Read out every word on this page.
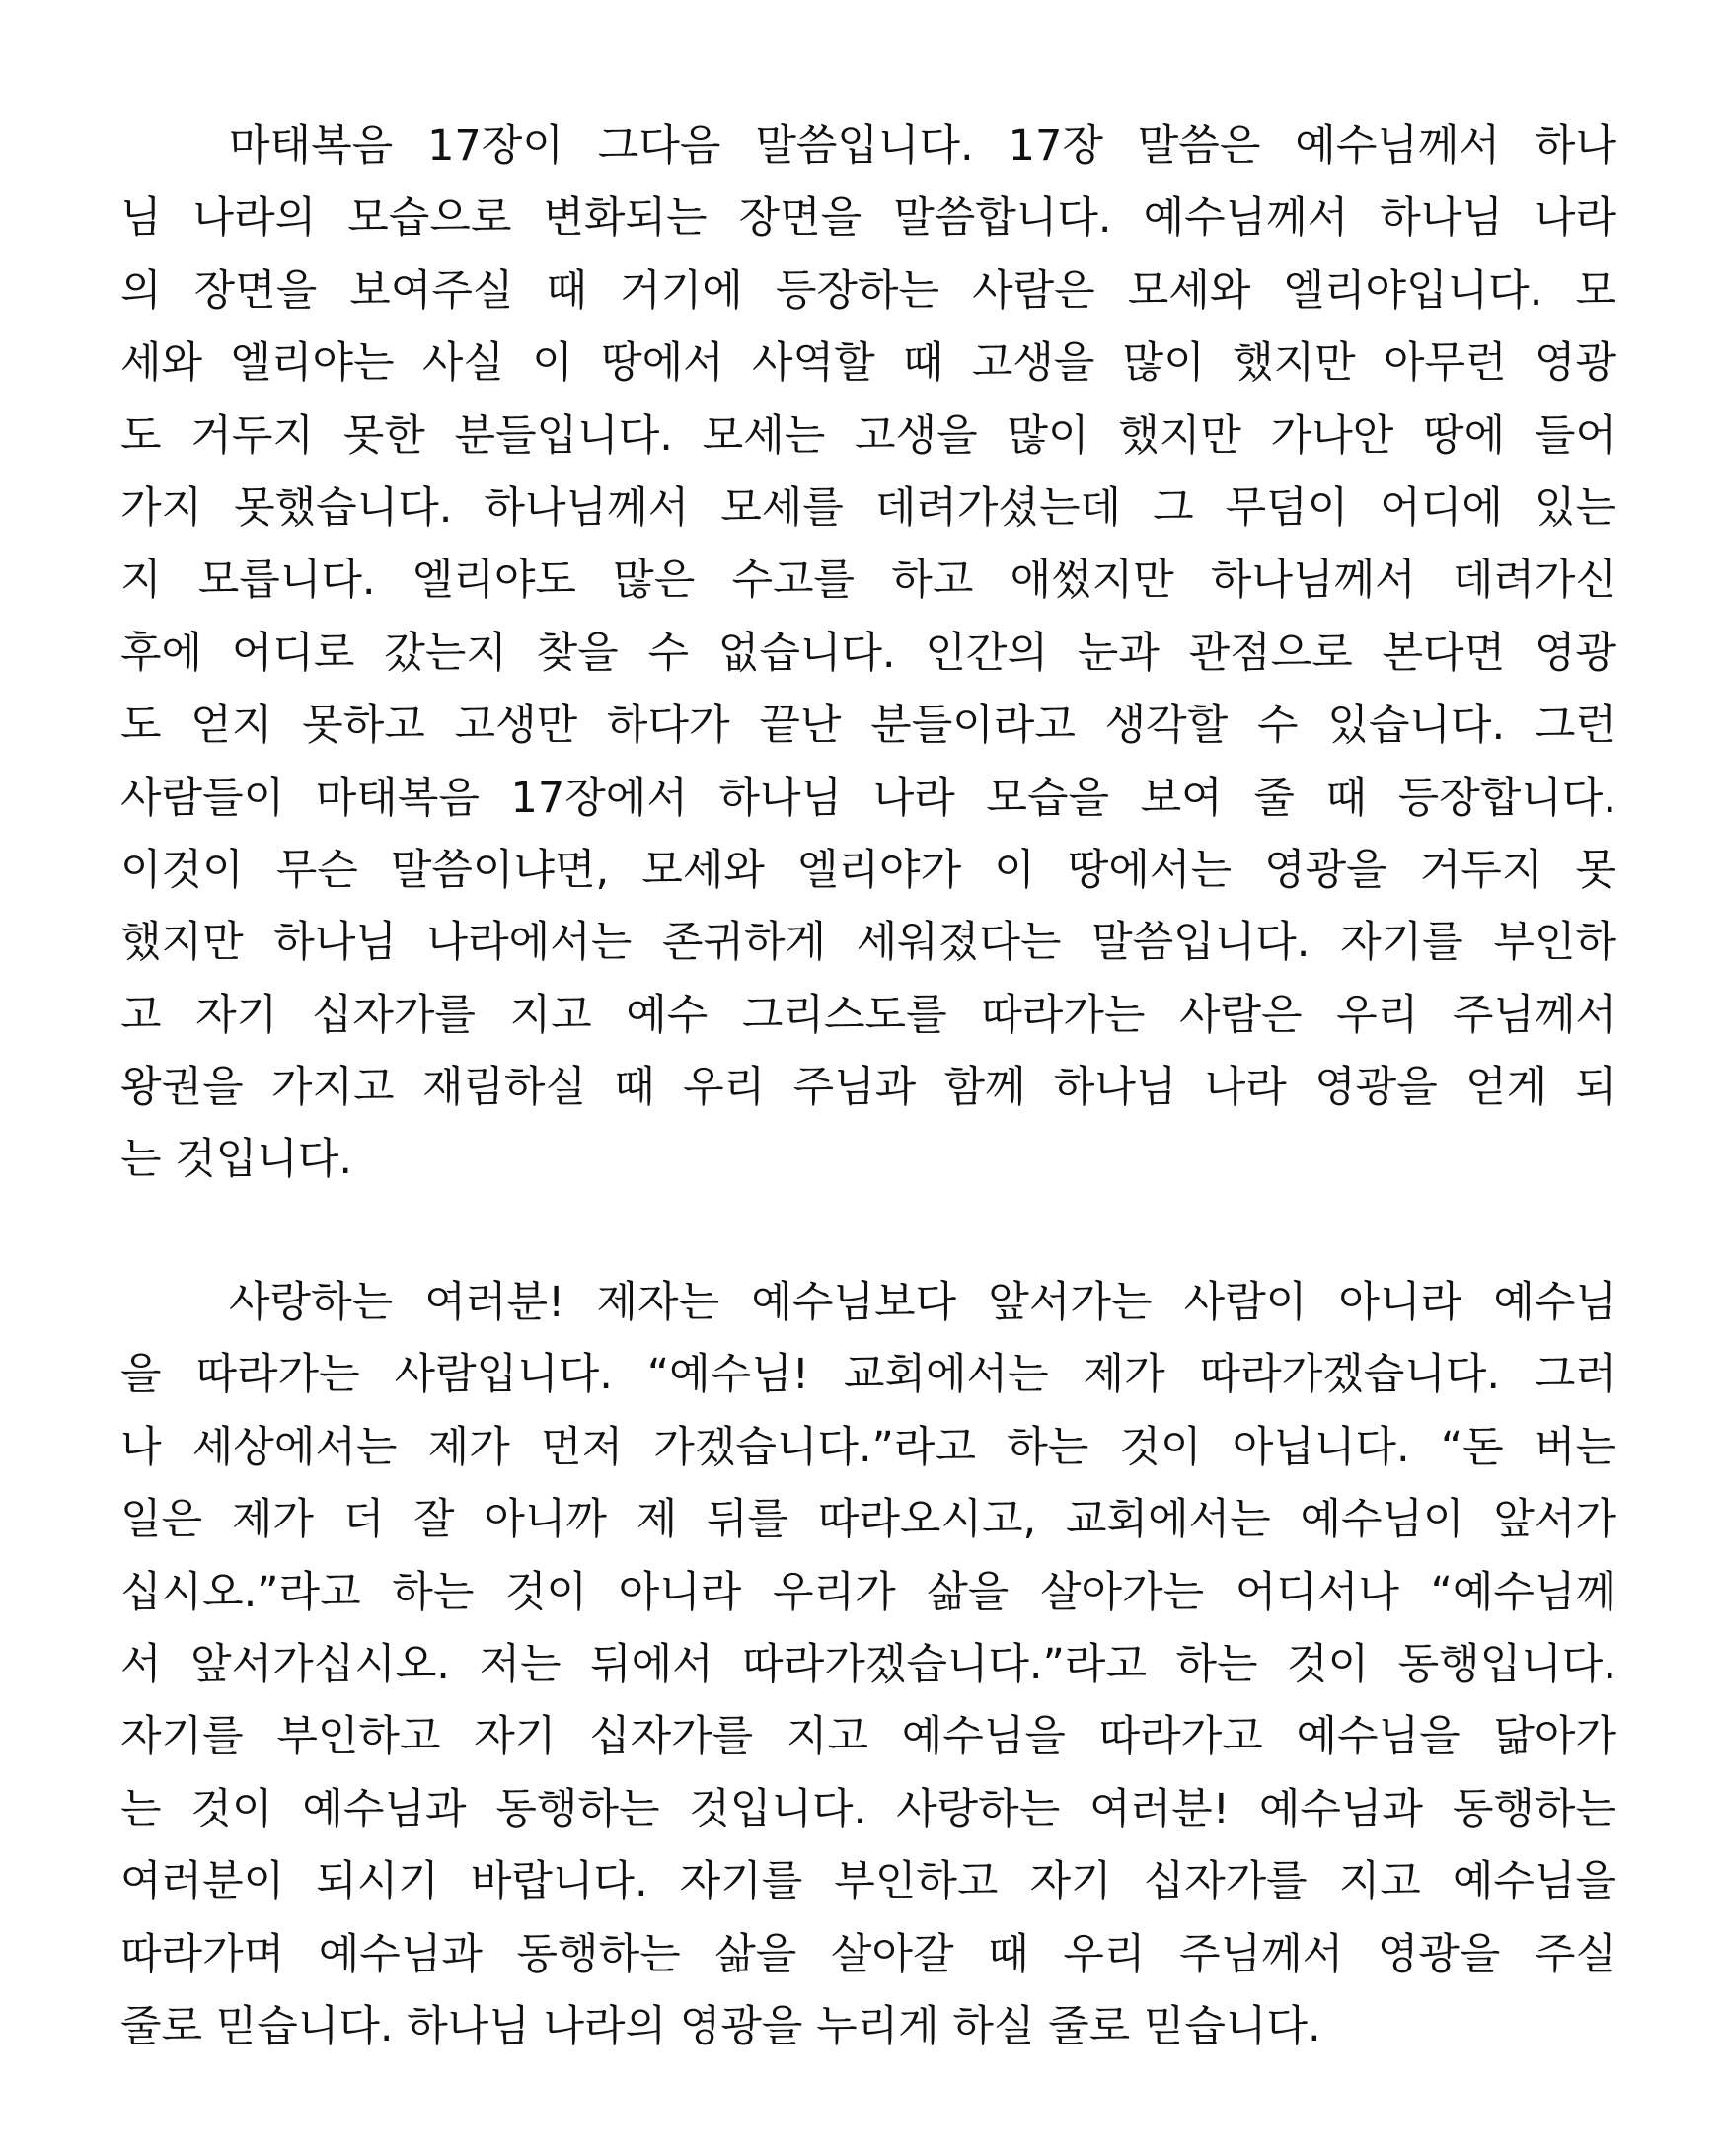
마태복음 17장이 그다음 말씀입니다. 17장 말씀은 예수님께서 하나
님 나라의 모습으로 변화되는 장면을 말씀합니다. 예수님께서 하나님 나라
의 장면을 보여주실 때 거기에 등장하는 사람은 모세와 엘리야입니다. 모
세와 엘리야는 사실 이 땅에서 사역할 때 고생을 많이 했지만 아무런 영광
도 거두지 못한 분들입니다. 모세는 고생을 많이 했지만 가나안 땅에 들어
가지 못했습니다. 하나님께서 모세를 데려가셨는데 그 무덤이 어디에 있는
지 모릅니다. 엘리야도 많은 수고를 하고 애썼지만 하나님께서 데려가신
후에 어디로 갔는지 찾을 수 없습니다. 인간의 눈과 관점으로 본다면 영광
도 얻지 못하고 고생만 하다가 끝난 분들이라고 생각할 수 있습니다. 그런
사람들이 마태복음 17장에서 하나님 나라 모습을 보여 줄 때 등장합니다.
이것이 무슨 말씀이냐면, 모세와 엘리야가 이 땅에서는 영광을 거두지 못
했지만 하나님 나라에서는 존귀하게 세워졌다는 말씀입니다. 자기를 부인하
고 자기 십자가를 지고 예수 그리스도를 따라가는 사람은 우리 주님께서
왕권을 가지고 재림하실 때 우리 주님과 함께 하나님 나라 영광을 얻게 되
는 것입니다.
사랑하는 여러분! 제자는 예수님보다 앞서가는 사람이 아니라 예수님
을 따라가는 사람입니다. “예수님! 교회에서는 제가 따라가겠습니다. 그러
나 세상에서는 제가 먼저 가겠습니다.”라고 하는 것이 아닙니다. “돈 버는
일은 제가 더 잘 아니까 제 뒤를 따라오시고, 교회에서는 예수님이 앞서가
십시오.”라고 하는 것이 아니라 우리가 삶을 살아가는 어디서나 “예수님께
서 앞서가십시오. 저는 뒤에서 따라가겠습니다.”라고 하는 것이 동행입니다.
자기를 부인하고 자기 십자가를 지고 예수님을 따라가고 예수님을 닮아가
는 것이 예수님과 동행하는 것입니다. 사랑하는 여러분! 예수님과 동행하는
여러분이 되시기 바랍니다. 자기를 부인하고 자기 십자가를 지고 예수님을
따라가며 예수님과 동행하는 삶을 살아갈 때 우리 주님께서 영광을 주실
줄로 믿습니다. 하나님 나라의 영광을 누리게 하실 줄로 믿습니다.
